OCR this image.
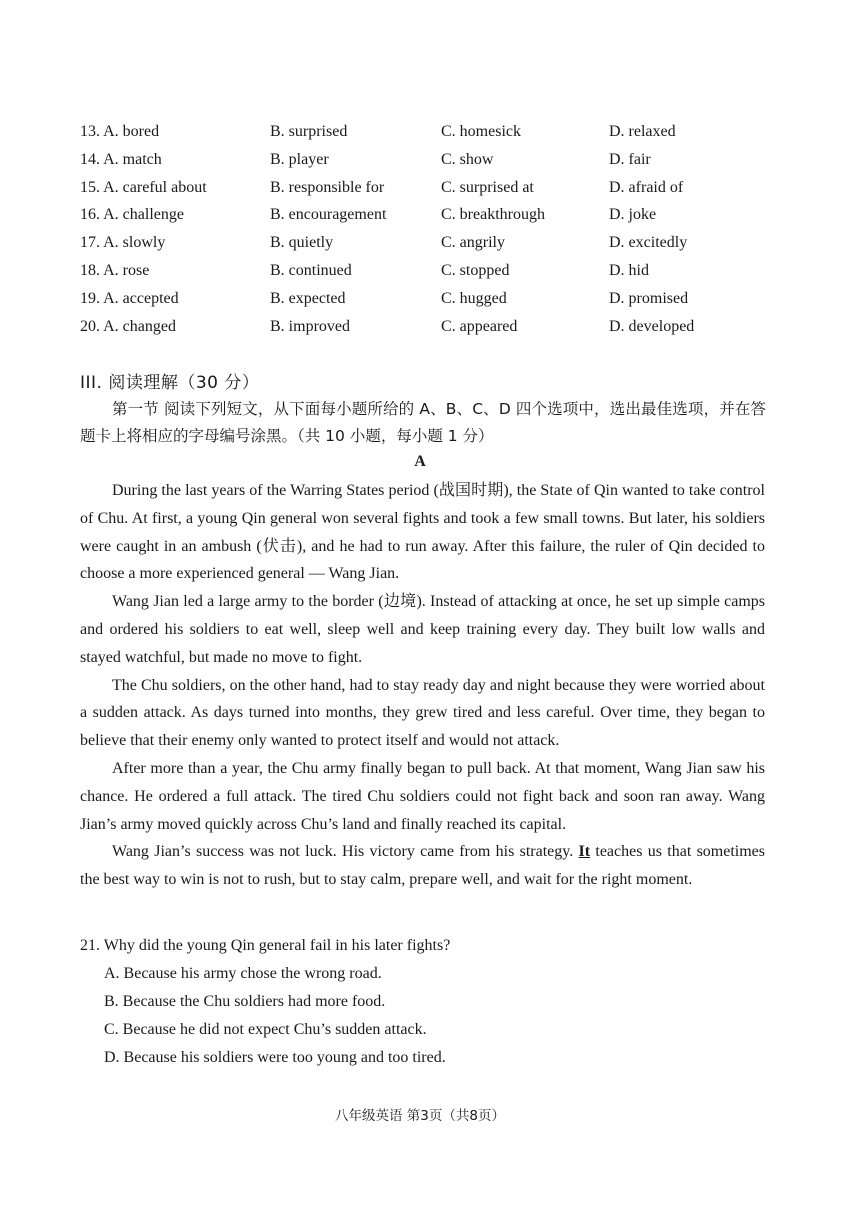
13. A. bored	B. surprised	C. homesick	D. relaxed
14. A. match	B. player	C. show	D. fair
15. A. careful about	B. responsible for	C. surprised at	D. afraid of
16. A. challenge	B. encouragement	C. breakthrough	D. joke
17. A. slowly	B. quietly	C. angrily	D. excitedly
18. A. rose	B. continued	C. stopped	D. hid
19. A. accepted	B. expected	C. hugged	D. promised
20. A. changed	B. improved	C. appeared	D. developed
III. 阅读理解（30 分）
第一节 阅读下列短文，从下面每小题所给的 A、B、C、D 四个选项中，选出最佳选项，并在答题卡上将相应的字母编号涂黑。（共 10 小题，每小题 1 分）
A

During the last years of the Warring States period (战国时期), the State of Qin wanted to take control of Chu. At first, a young Qin general won several fights and took a few small towns. But later, his soldiers were caught in an ambush (伏击), and he had to run away. After this failure, the ruler of Qin decided to choose a more experienced general — Wang Jian.

Wang Jian led a large army to the border (边境). Instead of attacking at once, he set up simple camps and ordered his soldiers to eat well, sleep well and keep training every day. They built low walls and stayed watchful, but made no move to fight.

The Chu soldiers, on the other hand, had to stay ready day and night because they were worried about a sudden attack. As days turned into months, they grew tired and less careful. Over time, they began to believe that their enemy only wanted to protect itself and would not attack.

After more than a year, the Chu army finally began to pull back. At that moment, Wang Jian saw his chance. He ordered a full attack. The tired Chu soldiers could not fight back and soon ran away. Wang Jian’s army moved quickly across Chu’s land and finally reached its capital.

Wang Jian’s success was not luck. His victory came from his strategy. It teaches us that sometimes the best way to win is not to rush, but to stay calm, prepare well, and wait for the right moment.

21. Why did the young Qin general fail in his later fights?

A. Because his army chose the wrong road.

B. Because the Chu soldiers had more food.

C. Because he did not expect Chu’s sudden attack.

D. Because his soldiers were too young and too tired.

八年级英语 第3页（共8页）
